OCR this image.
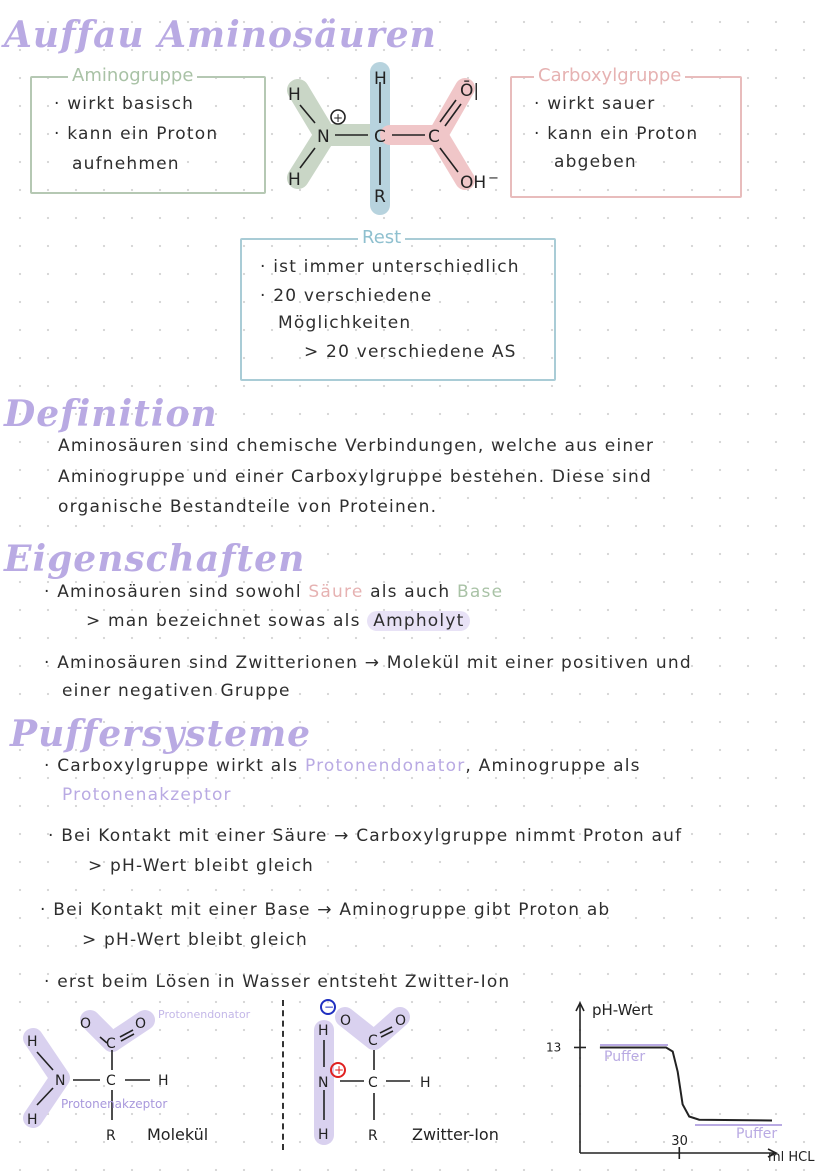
Auffau Aminosäuren
Aminogruppe
· wirkt basisch
· kann ein Proton
aufnehmen
H
H
N
H
C
R
C
Ō|
OH
+
−
Carboxylgruppe
· wirkt sauer
· kann ein Proton
abgeben
Rest
· ist immer unterschiedlich
· 20 verschiedene
Möglichkeiten
> 20 verschiedene AS
Definition
Aminosäuren sind chemische Verbindungen, welche aus einer
Aminogruppe und einer Carboxylgruppe bestehen. Diese sind
organische Bestandteile von Proteinen.
Eigenschaften
· Aminosäuren sind sowohl Säure als auch Base
> man bezeichnet sowas als Ampholyt
· Aminosäuren sind Zwitterionen → Molekül mit einer positiven und
einer negativen Gruppe
Puffersysteme
· Carboxylgruppe wirkt als Protonendonator, Aminogruppe als
Protonenakzeptor
· Bei Kontakt mit einer Säure → Carboxylgruppe nimmt Proton auf
> pH-Wert bleibt gleich
· Bei Kontakt mit einer Base → Aminogruppe gibt Proton ab
> pH-Wert bleibt gleich
· erst beim Lösen in Wasser entsteht Zwitter-Ion
H
H
N	C
C
H
R
O	O
Protonendonator
Protonenakzeptor
Molekül
−
+
H
N
H
C
C
H
R
O	O
Zwitter-Ion
pH-Wert
ml HCL
13
30
Puffer
Puffer
